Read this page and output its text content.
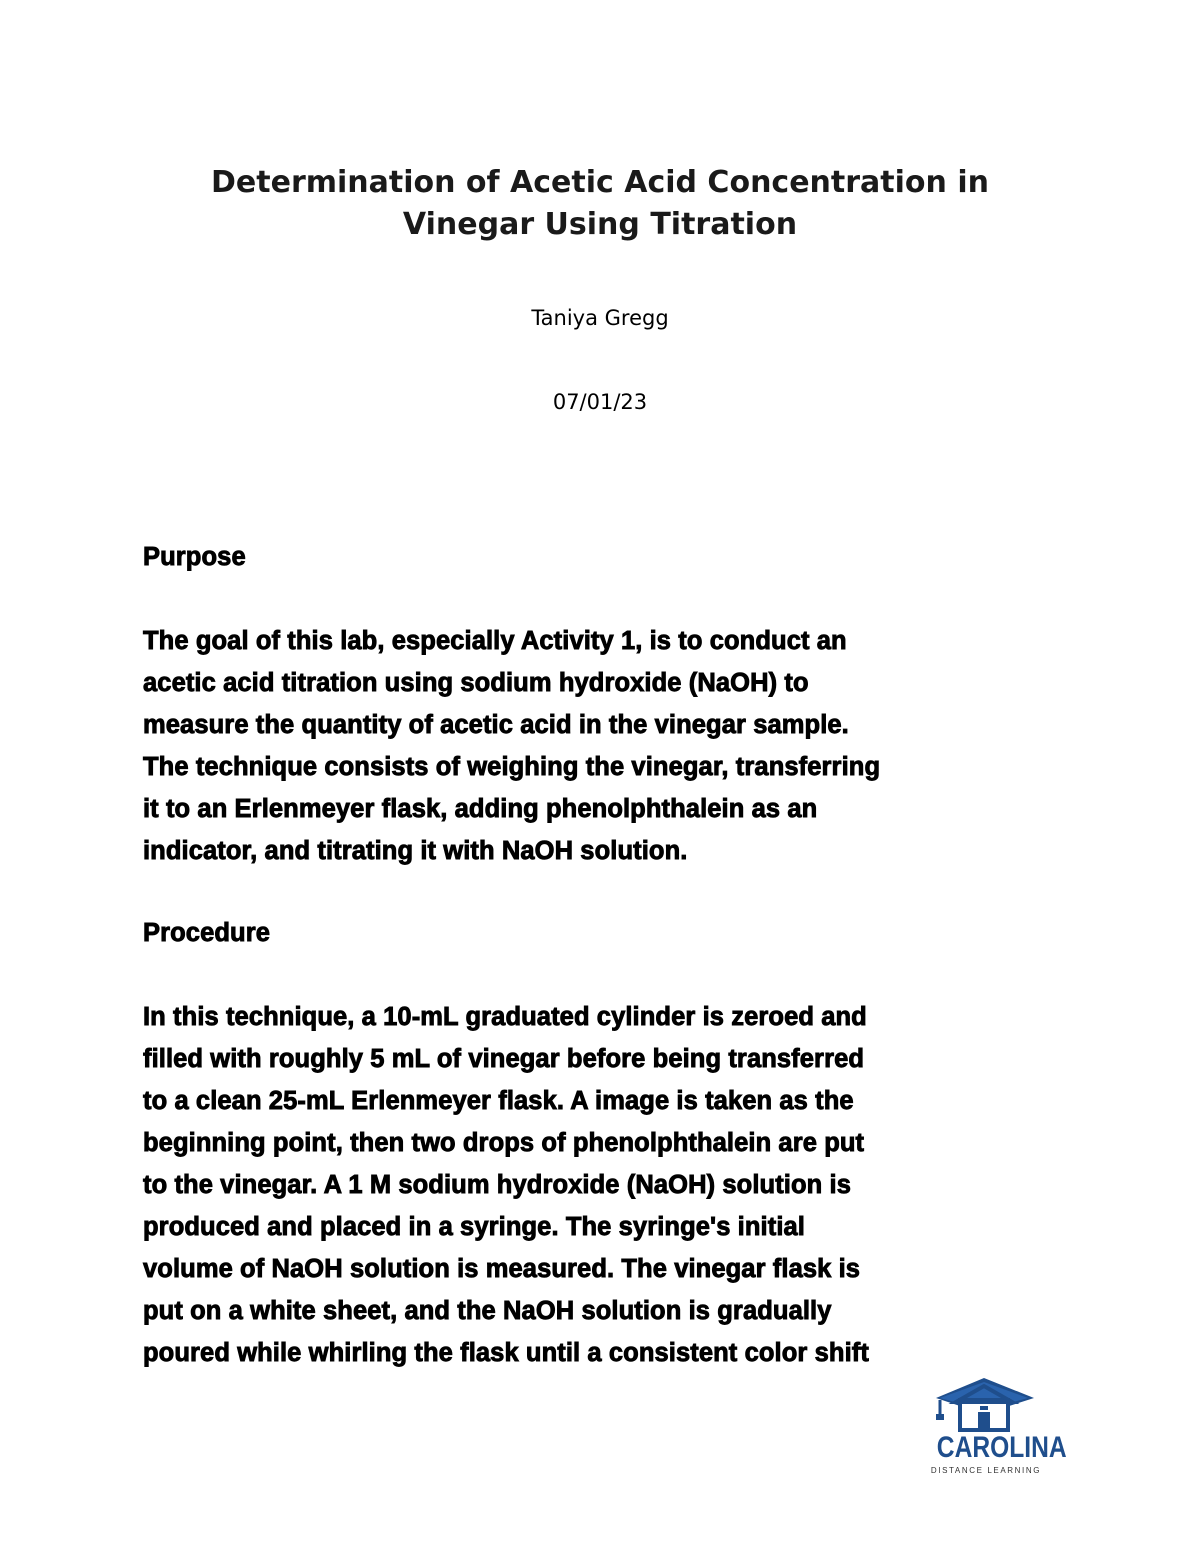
Determination of Acetic Acid Concentration in
Vinegar Using Titration

Taniya Gregg

07/01/23

Purpose

The goal of this lab, especially Activity 1, is to conduct an
acetic acid titration using sodium hydroxide (NaOH) to
measure the quantity of acetic acid in the vinegar sample.
The technique consists of weighing the vinegar, transferring
it to an Erlenmeyer flask, adding phenolphthalein as an
indicator, and titrating it with NaOH solution.

Procedure

In this technique, a 10-mL graduated cylinder is zeroed and
filled with roughly 5 mL of vinegar before being transferred
to a clean 25-mL Erlenmeyer flask. A image is taken as the
beginning point, then two drops of phenolphthalein are put
to the vinegar. A 1 M sodium hydroxide (NaOH) solution is
produced and placed in a syringe. The syringe's initial
volume of NaOH solution is measured. The vinegar flask is
put on a white sheet, and the NaOH solution is gradually
poured while whirling the flask until a consistent color shift

CAROLINA
DISTANCE LEARNING
